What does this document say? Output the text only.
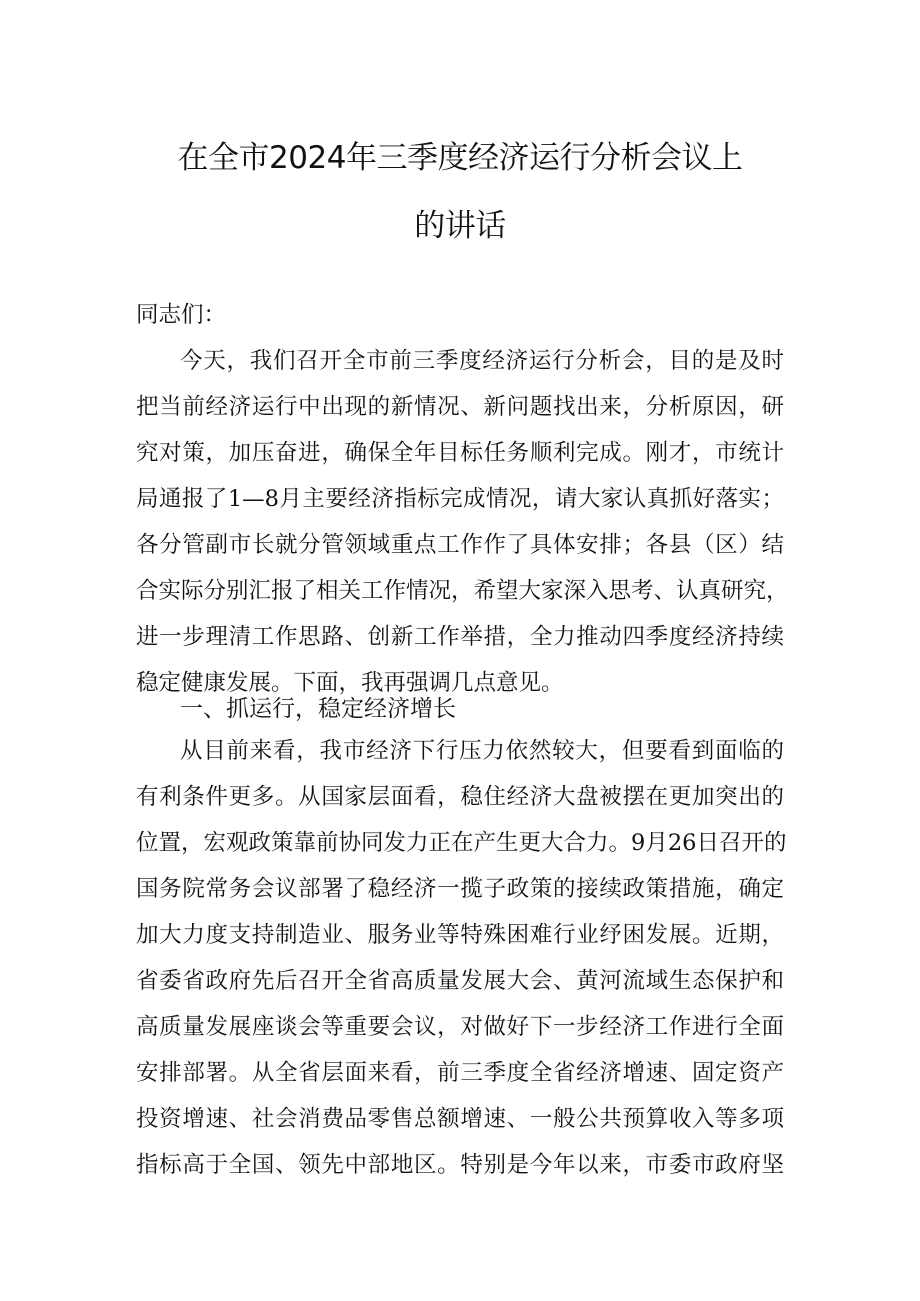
在全市2024年三季度经济运行分析会议上
的讲话
同志们：
今天，我们召开全市前三季度经济运行分析会，目的是及时
把当前经济运行中出现的新情况、新问题找出来，分析原因，研
究对策，加压奋进，确保全年目标任务顺利完成。刚才，市统计
局通报了1—8月主要经济指标完成情况，请大家认真抓好落实；
各分管副市长就分管领域重点工作作了具体安排；各县（区）结
合实际分别汇报了相关工作情况，希望大家深入思考、认真研究，
进一步理清工作思路、创新工作举措，全力推动四季度经济持续
稳定健康发展。下面，我再强调几点意见。
一、抓运行，稳定经济增长
从目前来看，我市经济下行压力依然较大，但要看到面临的
有利条件更多。从国家层面看，稳住经济大盘被摆在更加突出的
位置，宏观政策靠前协同发力正在产生更大合力。9月26日召开的
国务院常务会议部署了稳经济一揽子政策的接续政策措施，确定
加大力度支持制造业、服务业等特殊困难行业纾困发展。近期，
省委省政府先后召开全省高质量发展大会、黄河流域生态保护和
高质量发展座谈会等重要会议，对做好下一步经济工作进行全面
安排部署。从全省层面来看，前三季度全省经济增速、固定资产
投资增速、社会消费品零售总额增速、一般公共预算收入等多项
指标高于全国、领先中部地区。特别是今年以来，市委市政府坚
